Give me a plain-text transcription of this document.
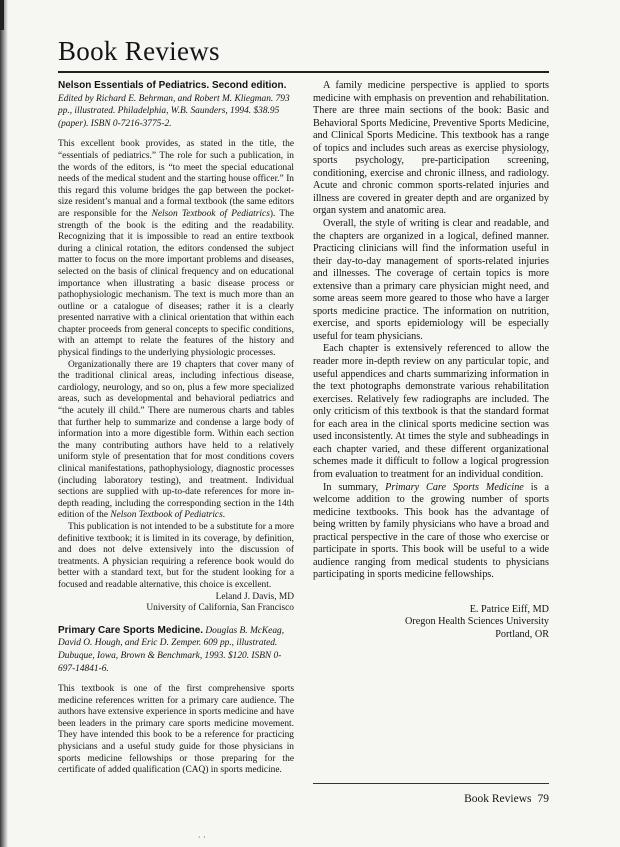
Book Reviews
Nelson Essentials of Pediatrics. Second edition. Edited by Richard E. Behrman, and Robert M. Kliegman. 793 pp., illustrated. Philadelphia, W.B. Saunders, 1994. $38.95 (paper). ISBN 0-7216-3775-2.

This excellent book provides, as stated in the title, the “essentials of pediatrics.” The role for such a publication, in the words of the editors, is “to meet the special educational needs of the medical student and the starting house officer.” In this regard this volume bridges the gap between the pocket-size resident’s manual and a formal textbook (the same editors are responsible for the Nelson Textbook of Pediatrics). The strength of the book is the editing and the readability. Recognizing that it is impossible to read an entire textbook during a clinical rotation, the editors condensed the subject matter to focus on the more important problems and diseases, selected on the basis of clinical frequency and on educational importance when illustrating a basic disease process or pathophysiologic mechanism. The text is much more than an outline or a catalogue of diseases; rather it is a clearly presented narrative with a clinical orientation that within each chapter proceeds from general concepts to specific conditions, with an attempt to relate the features of the history and physical findings to the underlying physiologic processes.

Organizationally there are 19 chapters that cover many of the traditional clinical areas, including infectious disease, cardiology, neurology, and so on, plus a few more specialized areas, such as developmental and behavioral pediatrics and “the acutely ill child.” There are numerous charts and tables that further help to summarize and condense a large body of information into a more digestible form. Within each section the many contributing authors have held to a relatively uniform style of presentation that for most conditions covers clinical manifestations, pathophysiology, diagnostic processes (including laboratory testing), and treatment. Individual sections are supplied with up-to-date references for more in-depth reading, including the corresponding section in the 14th edition of the Nelson Textbook of Pediatrics.

This publication is not intended to be a substitute for a more definitive textbook; it is limited in its coverage, by definition, and does not delve extensively into the discussion of treatments. A physician requiring a reference book would do better with a standard text, but for the student looking for a focused and readable alternative, this choice is excellent.

Leland J. Davis, MD

University of California, San Francisco

Primary Care Sports Medicine. Douglas B. McKeag, David O. Hough, and Eric D. Zemper. 609 pp., illustrated. Dubuque, Iowa, Brown & Benchmark, 1993. $120. ISBN 0-697-14841-6.

This textbook is one of the first comprehensive sports medicine references written for a primary care audience. The authors have extensive experience in sports medicine and have been leaders in the primary care sports medicine movement. They have intended this book to be a reference for practicing physicians and a useful study guide for those physicians in sports medicine fellowships or those preparing for the certificate of added qualification (CAQ) in sports medicine.

A family medicine perspective is applied to sports medicine with emphasis on prevention and rehabilitation. There are three main sections of the book: Basic and Behavioral Sports Medicine, Preventive Sports Medicine, and Clinical Sports Medicine. This textbook has a range of topics and includes such areas as exercise physiology, sports psychology, pre-participation screening, conditioning, exercise and chronic illness, and radiology. Acute and chronic common sports-related injuries and illness are covered in greater depth and are organized by organ system and anatomic area.

Overall, the style of writing is clear and readable, and the chapters are organized in a logical, defined manner. Practicing clinicians will find the information useful in their day-to-day management of sports-related injuries and illnesses. The coverage of certain topics is more extensive than a primary care physician might need, and some areas seem more geared to those who have a larger sports medicine practice. The information on nutrition, exercise, and sports epidemiology will be especially useful for team physicians.

Each chapter is extensively referenced to allow the reader more in-depth review on any particular topic, and useful appendices and charts summarizing information in the text photographs demonstrate various rehabilitation exercises. Relatively few radiographs are included. The only criticism of this textbook is that the standard format for each area in the clinical sports medicine section was used inconsistently. At times the style and subheadings in each chapter varied, and these different organizational schemes made it difficult to follow a logical progression from evaluation to treatment for an individual condition.

In summary, Primary Care Sports Medicine is a welcome addition to the growing number of sports medicine textbooks. This book has the advantage of being written by family physicians who have a broad and practical perspective in the care of those who exercise or participate in sports. This book will be useful to a wide audience ranging from medical students to physicians participating in sports medicine fellowships.

E. Patrice Eiff, MD

Oregon Health Sciences University

Portland, OR

Book Reviews 79
· ·
